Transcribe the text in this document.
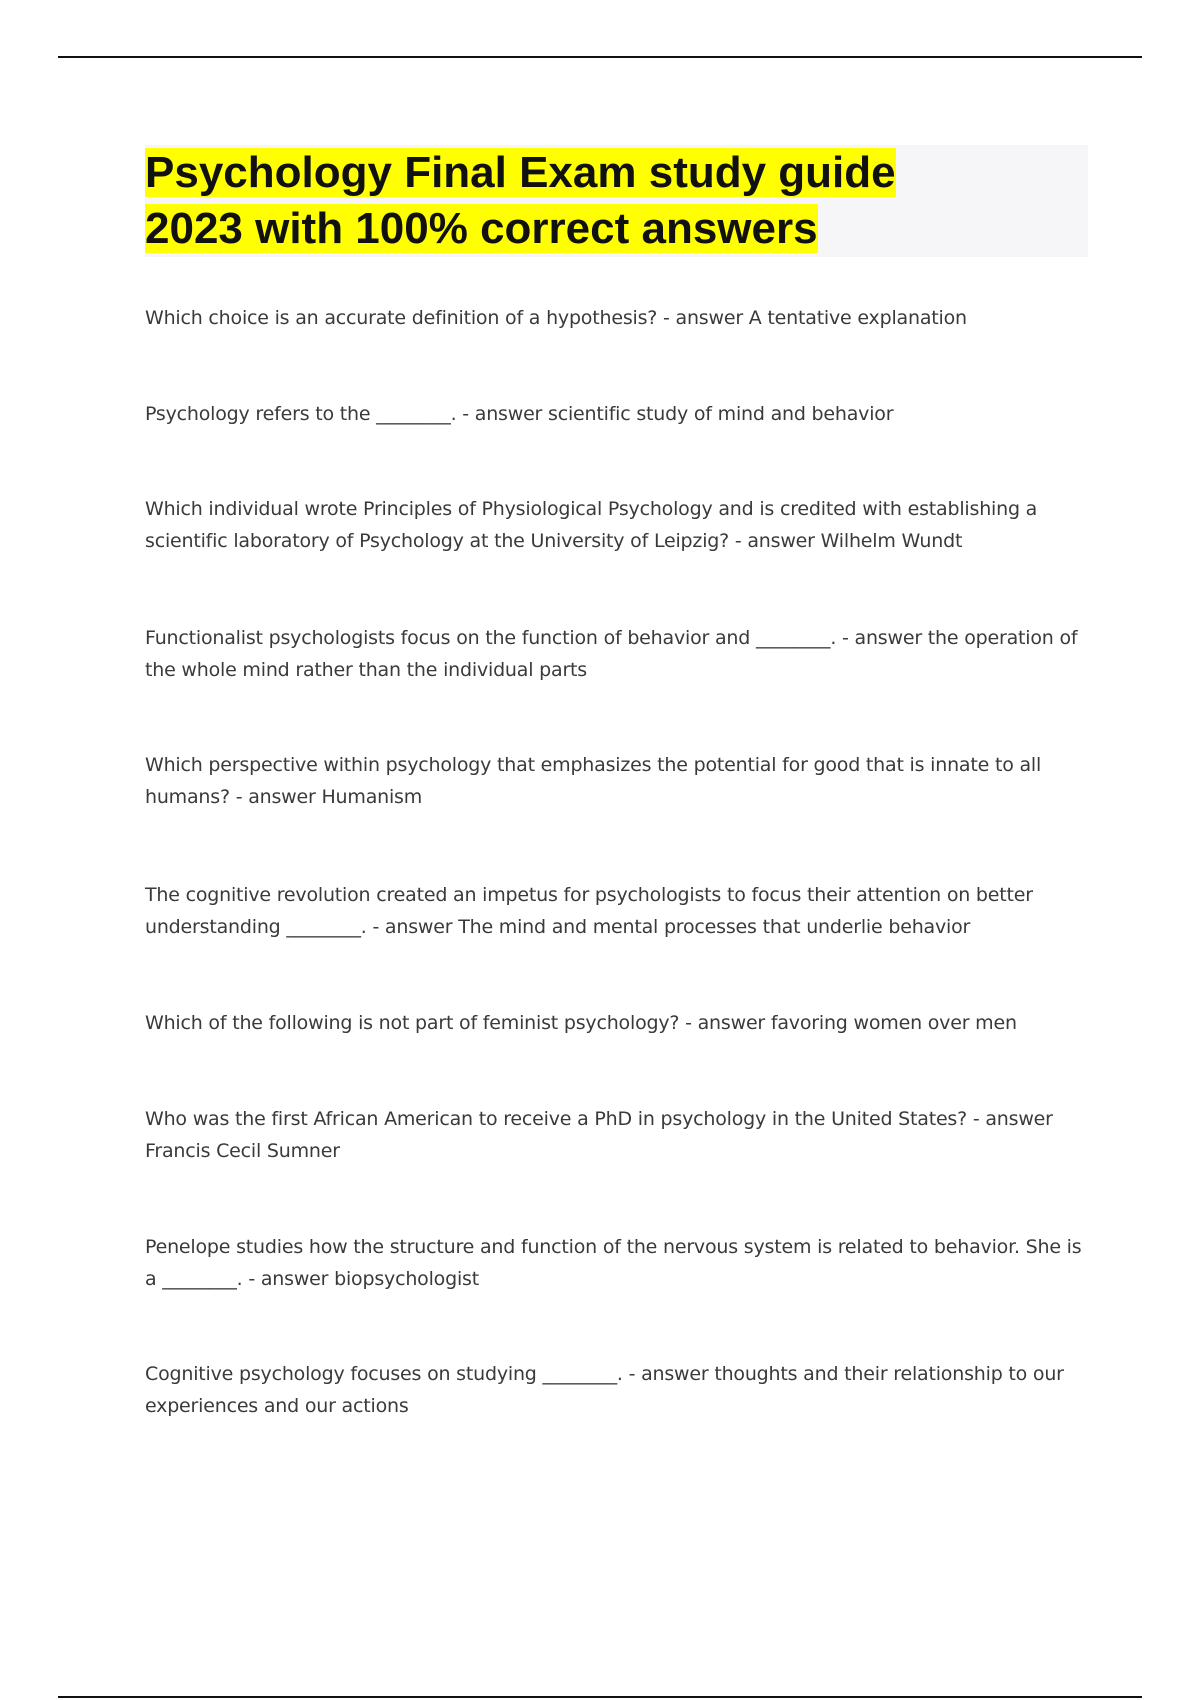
Psychology Final Exam study guide
2023 with 100% correct answers

Which choice is an accurate definition of a hypothesis? - answer A tentative explanation

Psychology refers to the ________. - answer scientific study of mind and behavior

Which individual wrote Principles of Physiological Psychology and is credited with establishing a scientific laboratory of Psychology at the University of Leipzig? - answer Wilhelm Wundt

Functionalist psychologists focus on the function of behavior and ________. - answer the operation of the whole mind rather than the individual parts

Which perspective within psychology that emphasizes the potential for good that is innate to all humans? - answer Humanism

The cognitive revolution created an impetus for psychologists to focus their attention on better understanding ________. - answer The mind and mental processes that underlie behavior

Which of the following is not part of feminist psychology? - answer favoring women over men

Who was the first African American to receive a PhD in psychology in the United States? - answer Francis Cecil Sumner

Penelope studies how the structure and function of the nervous system is related to behavior. She is a ________. - answer biopsychologist

Cognitive psychology focuses on studying ________. - answer thoughts and their relationship to our experiences and our actions
